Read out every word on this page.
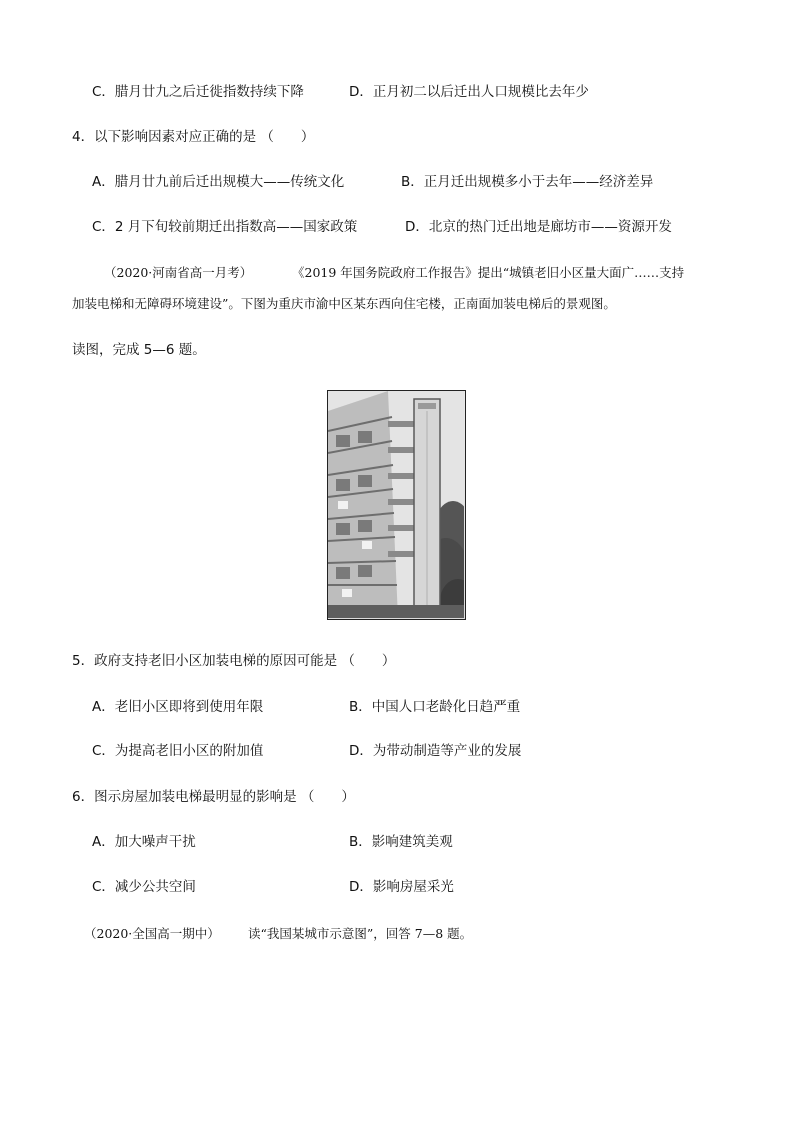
C．腊月廿九之后迁徙指数持续下降	D．正月初二以后迁出人口规模比去年少
4．以下影响因素对应正确的是 （　　）
A．腊月廿九前后迁出规模大——传统文化	B．正月迁出规模多小于去年——经济差异
C．2 月下旬较前期迁出指数高——国家政策	D．北京的热门迁出地是廊坊市——资源开发
（2020·河南省高一月考）	《2019 年国务院政府工作报告》提出“城镇老旧小区量大面广……支持
加装电梯和无障碍环境建设”。下图为重庆市渝中区某东西向住宅楼，正南面加装电梯后的景观图。
读图，完成 5—6 题。
5．政府支持老旧小区加装电梯的原因可能是 （　　）
A．老旧小区即将到使用年限	B．中国人口老龄化日趋严重
C．为提高老旧小区的附加值	D．为带动制造等产业的发展
6．图示房屋加装电梯最明显的影响是 （　　）
A．加大噪声干扰	B．影响建筑美观
C．减少公共空间	D．影响房屋采光
（2020·全国高一期中） 读“我国某城市示意图”，回答 7—8 题。
